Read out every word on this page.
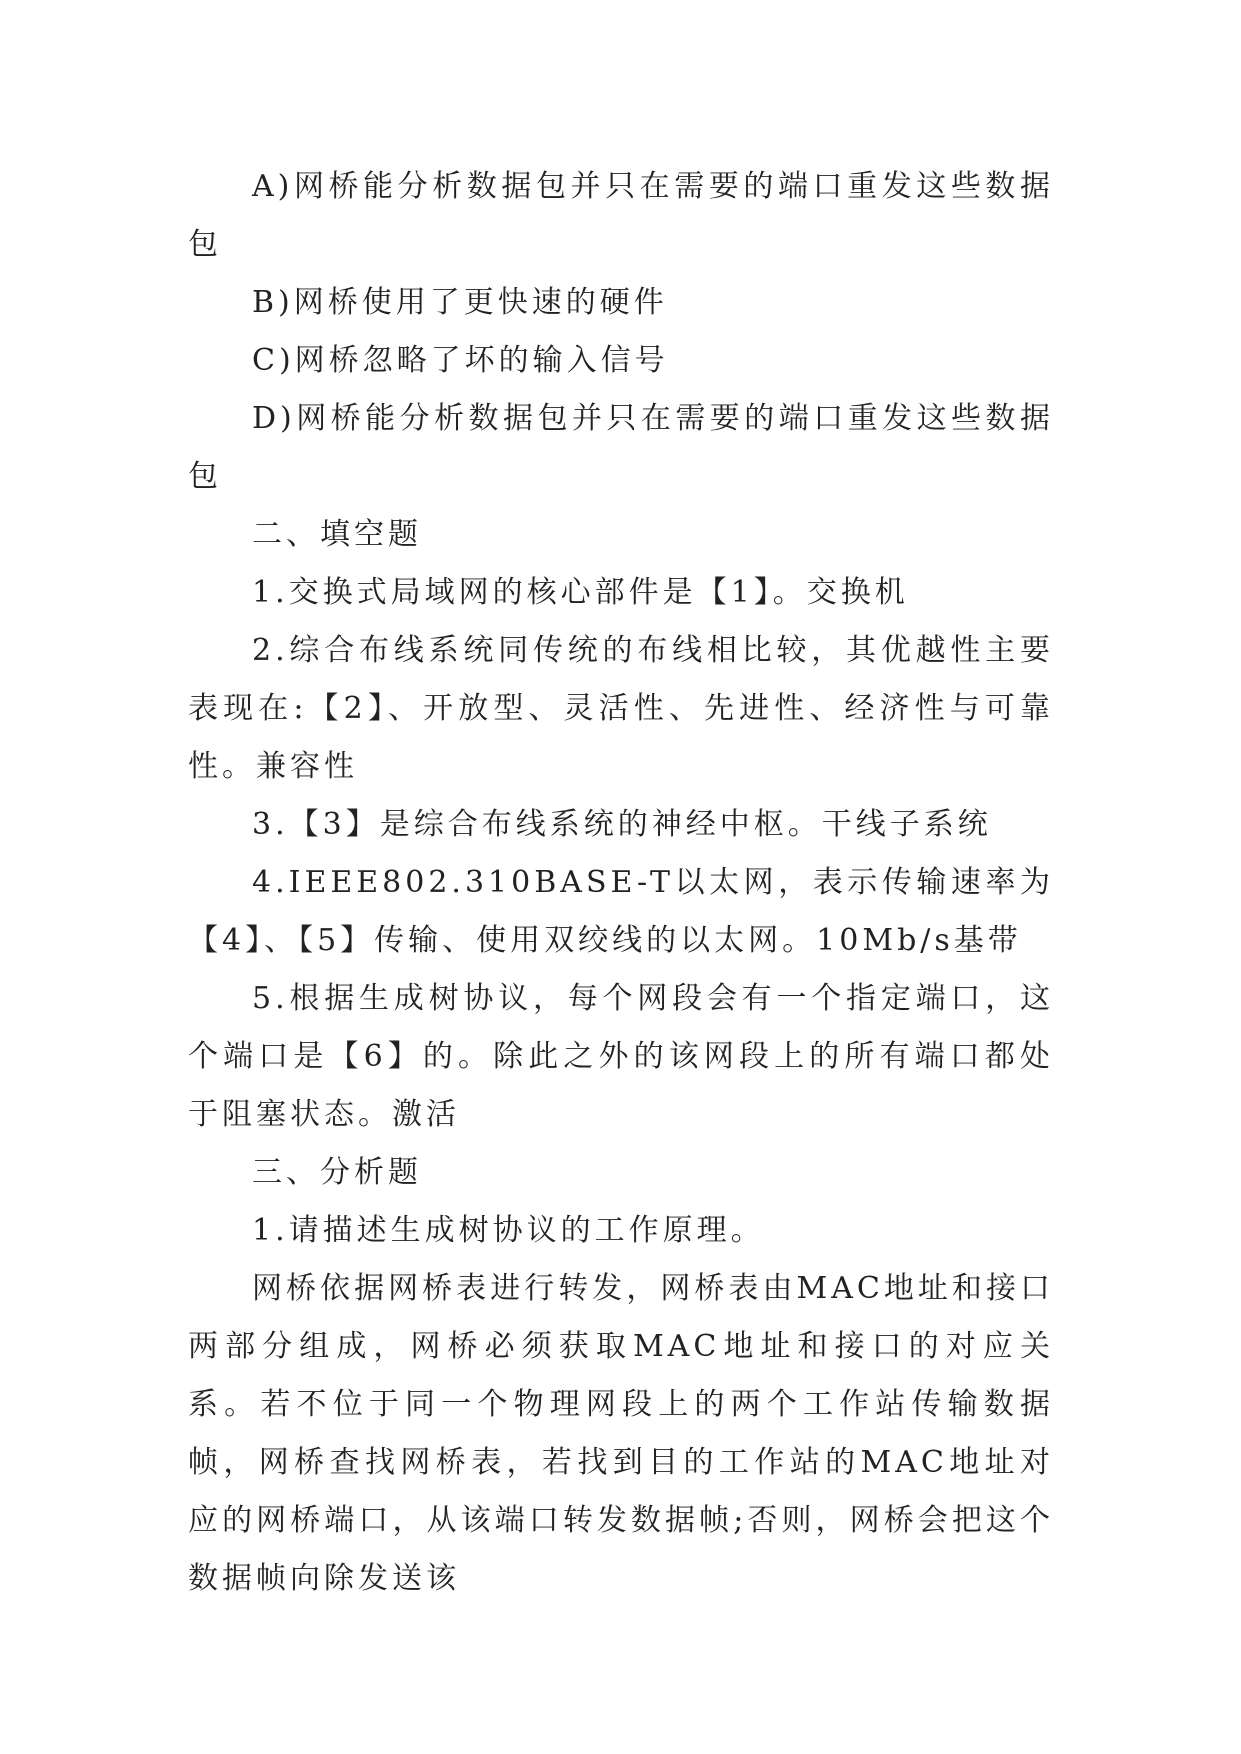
A)网桥能分析数据包并只在需要的端口重发这些数据包

B)网桥使用了更快速的硬件

C)网桥忽略了坏的输入信号

D)网桥能分析数据包并只在需要的端口重发这些数据包

二、填空题

1.交换式局域网的核心部件是【1】。交换机

2.综合布线系统同传统的布线相比较，其优越性主要表现在:【2】、开放型、灵活性、先进性、经济性与可靠性。兼容性

3.【3】是综合布线系统的神经中枢。干线子系统

4.IEEE802.310BASE-T以太网，表示传输速率为【4】、【5】传输、使用双绞线的以太网。10Mb/s基带

5.根据生成树协议，每个网段会有一个指定端口，这个端口是【6】的。除此之外的该网段上的所有端口都处于阻塞状态。激活

三、分析题

1.请描述生成树协议的工作原理。

网桥依据网桥表进行转发，网桥表由MAC地址和接口两部分组成，网桥必须获取MAC地址和接口的对应关系。若不位于同一个物理网段上的两个工作站传输数据帧，网桥查找网桥表，若找到目的工作站的MAC地址对应的网桥端口，从该端口转发数据帧;否则，网桥会把这个数据帧向除发送该
